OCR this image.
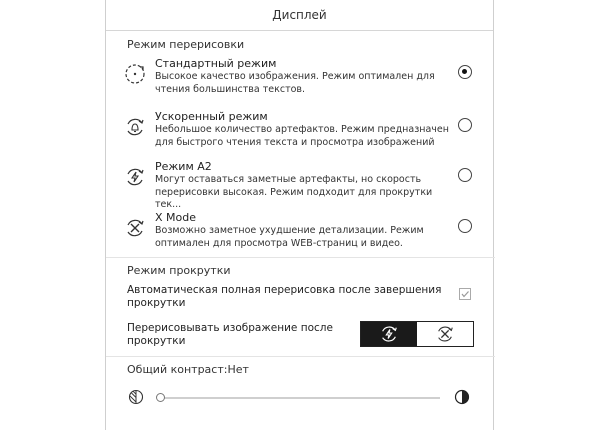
Дисплей
Режим перерисовки
Стандартный режим
Высокое качество изображения. Режим оптимален для
чтения большинства текстов.
Ускоренный режим
Небольшое количество артефактов. Режим предназначен
для быстрого чтения текста и просмотра изображений
Режим А2
Могут оставаться заметные артефакты, но скорость
перерисовки высокая. Режим подходит для прокрутки тек...
X Mode
Возможно заметное ухудшение детализации. Режим
оптимален для просмотра WEB-страниц и видео.
Режим прокрутки
Автоматическая полная перерисовка после завершения
прокрутки
Перерисовывать изображение после
прокрутки
Общий контраст:Нет
